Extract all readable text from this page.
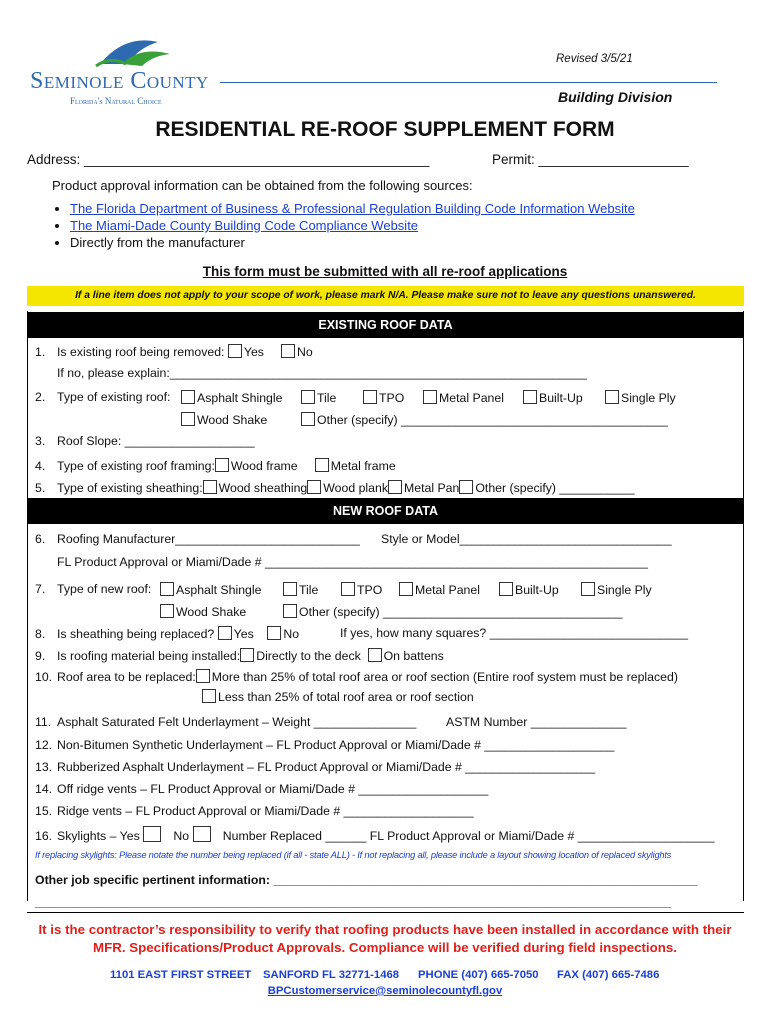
Seminole County
Florida's Natural Choice
Revised 3/5/21
Building Division
RESIDENTIAL RE-ROOF SUPPLEMENT FORM
Address: ______________________________________________	Permit: ____________________
Product approval information can be obtained from the following sources:
• The Florida Department of Business & Professional Regulation Building Code Information Website
• The Miami-Dade County Building Code Compliance Website
• Directly from the manufacturer
This form must be submitted with all re-roof applications
If a line item does not apply to your scope of work, please mark N/A. Please make sure not to leave any questions unanswered.
EXISTING ROOF DATA
1. Is existing roof being removed: Yes	No
If no, please explain:_____________________________________________________________
2. Type of existing roof:	Asphalt Shingle	Tile	TPO	Metal Panel	Built-Up	Single Ply
Wood Shake	Other (specify) _______________________________________
3. Roof Slope: ___________________
4. Type of existing roof framing: Wood frame	Metal frame
5. Type of existing sheathing: Wood sheathing Wood plank Metal Pan Other (specify) ___________
NEW ROOF DATA
6. Roofing Manufacturer___________________________ Style or Model_______________________________
FL Product Approval or Miami/Dade # ________________________________________________________
7. Type of new roof:	Asphalt Shingle	Tile	TPO	Metal Panel	Built-Up	Single Ply
Wood Shake	Other (specify) ___________________________________
8. Is sheathing being replaced? Yes No	If yes, how many squares? _____________________________
9. Is roofing material being installed: Directly to the deck On battens
10. Roof area to be replaced: More than 25% of total roof area or roof section (Entire roof system must be replaced)
Less than 25% of total roof area or roof section
11. Asphalt Saturated Felt Underlayment – Weight _______________ ASTM Number ______________
12. Non-Bitumen Synthetic Underlayment – FL Product Approval or Miami/Dade # ___________________
13. Rubberized Asphalt Underlayment – FL Product Approval or Miami/Dade # ___________________
14. Off ridge vents – FL Product Approval or Miami/Dade # ___________________
15. Ridge vents – FL Product Approval or Miami/Dade # ___________________
16. Skylights – Yes	No	Number Replaced ______ FL Product Approval or Miami/Dade # ____________________
If replacing skylights: Please notate the number being replaced (if all - state ALL) - If not replacing all, please include a layout showing location of replaced skylights
Other job specific pertinent information: ______________________________________________________________
_____________________________________________________________________________________________
It is the contractor’s responsibility to verify that roofing products have been installed in accordance with their
MFR. Specifications/Product Approvals. Compliance will be verified during field inspections.
1101 EAST FIRST STREET SANFORD FL 32771-1468 PHONE (407) 665-7050 FAX (407) 665-7486
BPCustomerservice@seminolecountyfl.gov
